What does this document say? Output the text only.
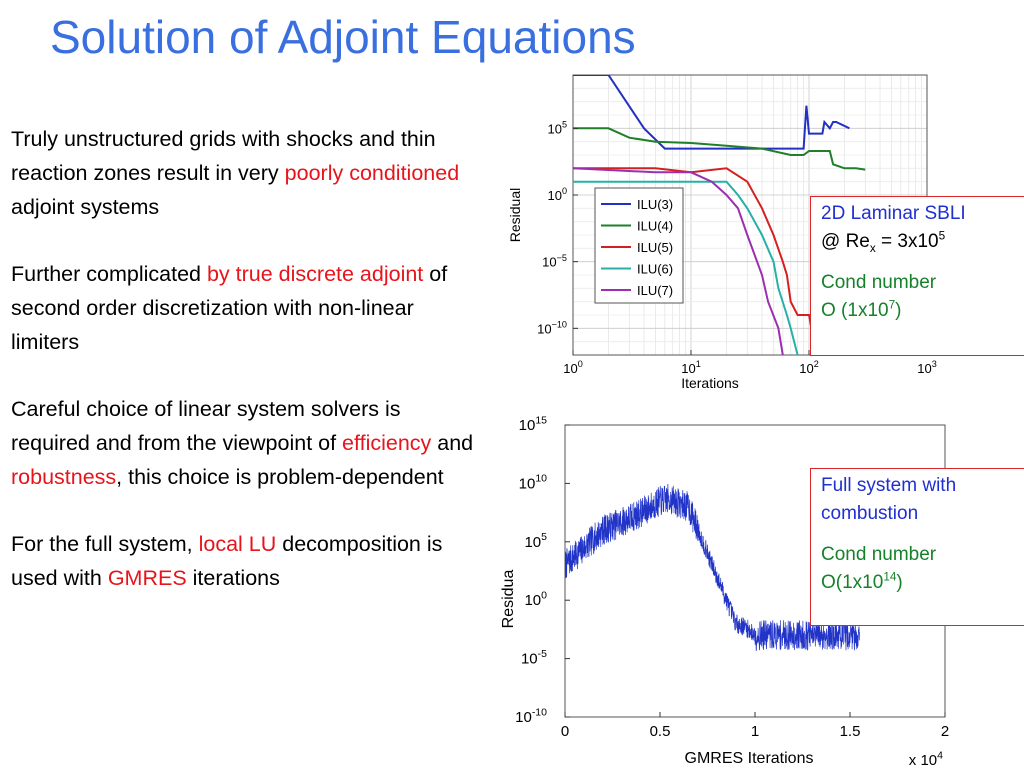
Solution of Adjoint Equations

Truly unstructured grids with shocks and thin reaction zones result in very poorly conditioned adjoint systems

Further complicated by true discrete adjoint of second order discretization with non-linear limiters

Careful choice of linear system solvers is required and from the viewpoint of efficiency and robustness, this choice is problem-dependent

For the full system, local LU decomposition is used with GMRES iterations

$10^0$	$10^1$	$10^2$	$10^3$
$10^5$
$10^0$
$10^{-5}$
$10^{-10}$
Iterations
Residual	ILU(3)
ILU(4)
ILU(5)
ILU(6)
ILU(7)
0	0.5	1	1.5	2
$10^{15}$
$10^{10}$
$10^5$
$10^0$
$10^{-5}$
$10^{-10}$
GMRES Iterations	x $10^4$
Residua
2D Laminar SBLI
@ $Re_x = 3x10^5$
Cond number
O $(1x10^7)$
Full system with
combustion
Cond number
$O(1x10^{14})$
